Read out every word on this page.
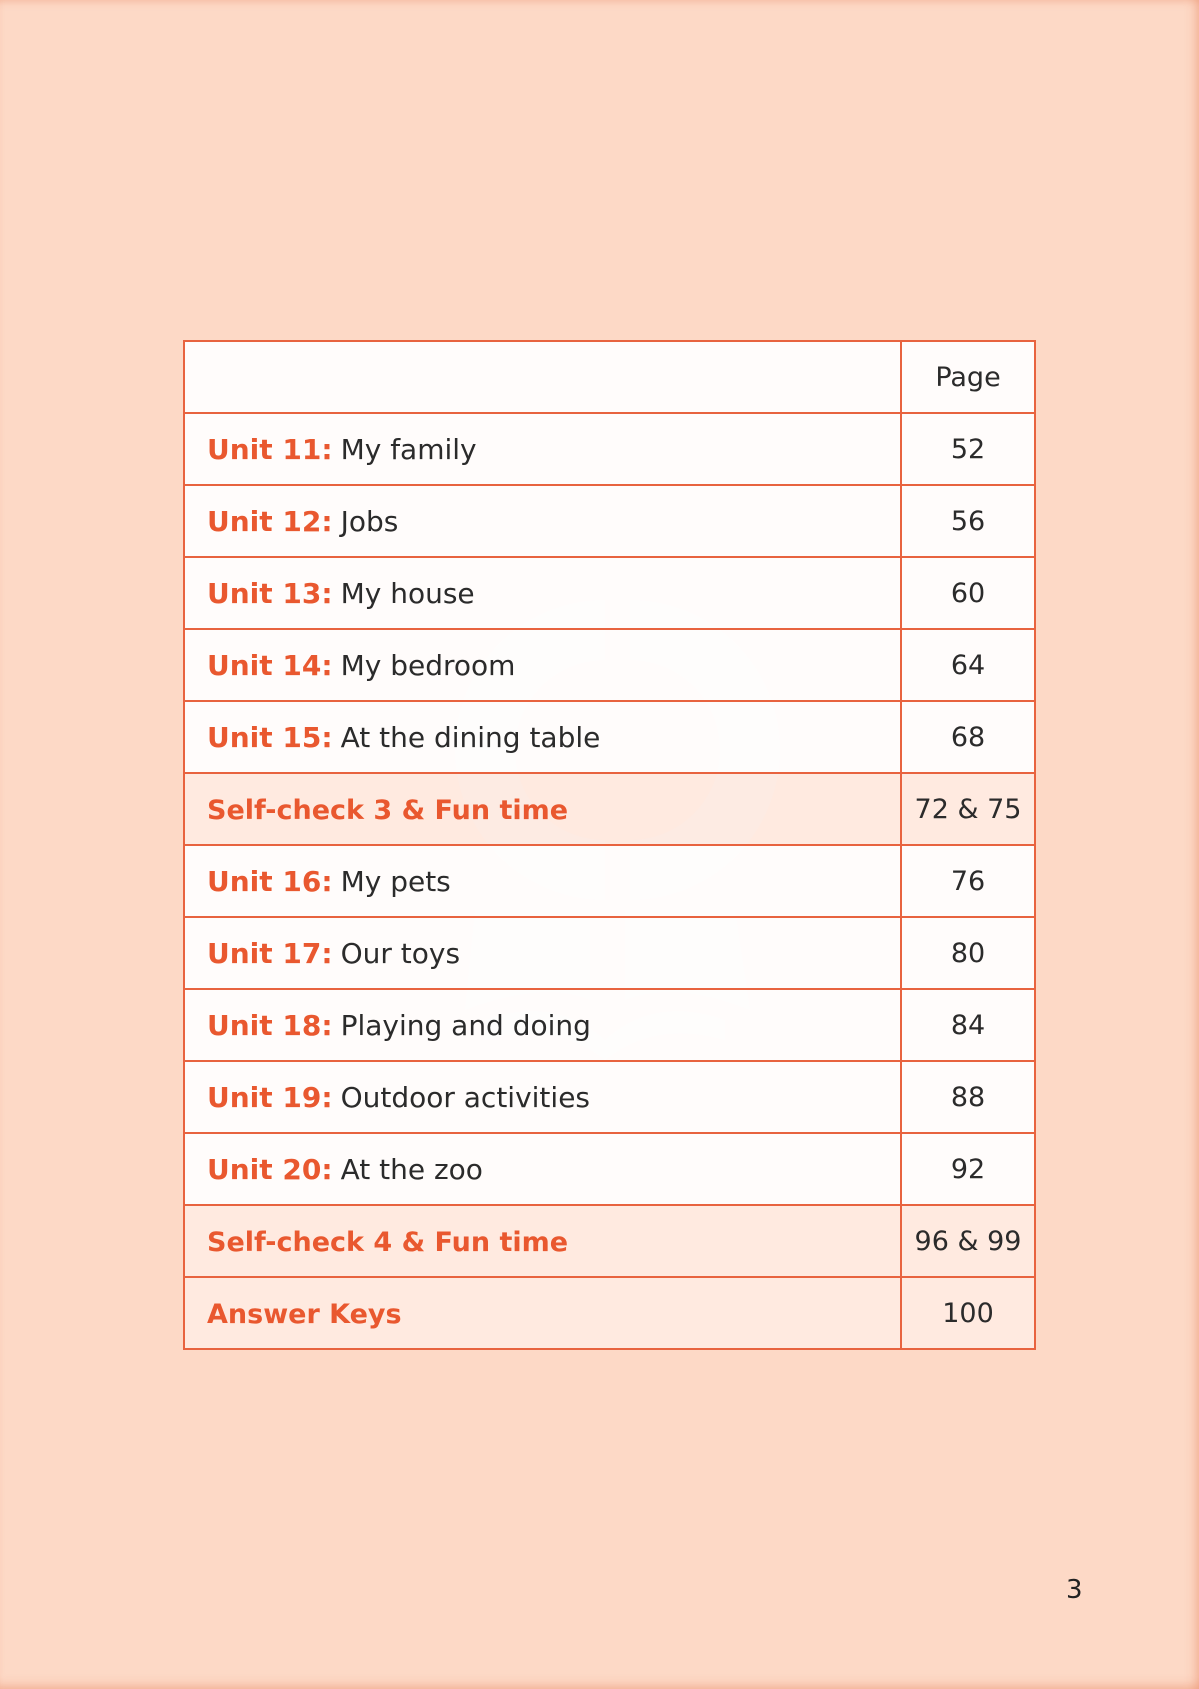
	Page
Unit 11: My family	52
Unit 12: Jobs	56
Unit 13: My house	60
Unit 14: My bedroom	64
Unit 15: At the dining table	68
Self-check 3 & Fun time	72 & 75
Unit 16: My pets	76
Unit 17: Our toys	80
Unit 18: Playing and doing	84
Unit 19: Outdoor activities	88
Unit 20: At the zoo	92
Self-check 4 & Fun time	96 & 99
Answer Keys	100
3
